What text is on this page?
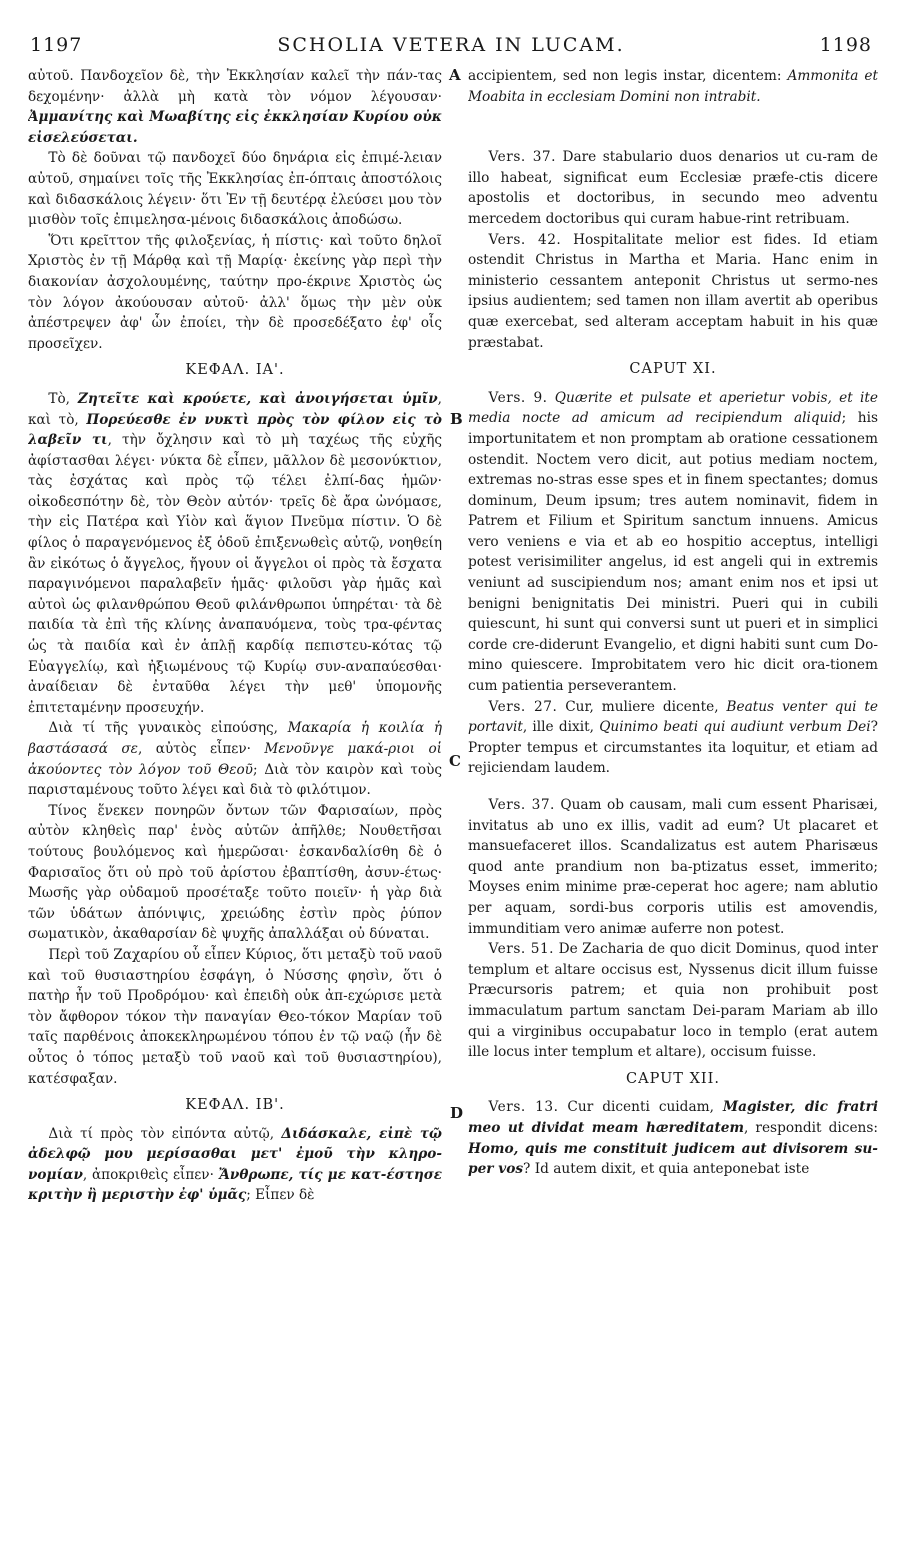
1197	SCHOLIA VETERA IN LUCAM.	1198
A
B
C
D

αὐτοῦ. Πανδοχεῖον δὲ, τὴν Ἐκκλησίαν καλεῖ τὴν πάν-τας δεχομένην· ἀλλὰ μὴ κατὰ τὸν νόμον λέγουσαν· Ἀμμανίτης καὶ Μωαβίτης εἰς ἐκκλησίαν Κυρίου οὐκ εἰσελεύσεται.

Τὸ δὲ δοῦναι τῷ πανδοχεῖ δύο δηνάρια εἰς ἐπιμέ-λειαν αὐτοῦ, σημαίνει τοῖς τῆς Ἐκκλησίας ἐπ-όπταις ἀποστόλοις καὶ διδασκάλοις λέγειν· ὅτι Ἐν τῇ δευτέρᾳ ἐλεύσει μου τὸν μισθὸν τοῖς ἐπιμελησα-μένοις διδασκάλοις ἀποδώσω.

Ὅτι κρεῖττον τῆς φιλοξενίας, ἡ πίστις· καὶ τοῦτο δηλοῖ Χριστὸς ἐν τῇ Μάρθᾳ καὶ τῇ Μαρίᾳ· ἐκείνης γὰρ περὶ τὴν διακονίαν ἀσχολουμένης, ταύτην προ-έκρινε Χριστὸς ὡς τὸν λόγον ἀκούουσαν αὐτοῦ· ἀλλ' ὅμως τὴν μὲν οὐκ ἀπέστρεψεν ἀφ' ὧν ἐποίει, τὴν δὲ προσεδέξατο ἐφ' οἷς προσεῖχεν.

ΚΕΦΑΛ. ΙΑ'.

Τὸ, Ζητεῖτε καὶ κρούετε, καὶ ἀνοιγήσεται ὑμῖν, καὶ τὸ, Πορεύεσθε ἐν νυκτὶ πρὸς τὸν φίλον εἰς τὸ λαβεῖν τι, τὴν ὄχλησιν καὶ τὸ μὴ ταχέως τῆς εὐχῆς ἀφίστασθαι λέγει· νύκτα δὲ εἶπεν, μᾶλλον δὲ μεσονύκτιον, τὰς ἐσχάτας καὶ πρὸς τῷ τέλει ἐλπί-δας ἡμῶν· οἰκοδεσπότην δὲ, τὸν Θεὸν αὐτόν· τρεῖς δὲ ἄρα ὠνόμασε, τὴν εἰς Πατέρα καὶ Υἱὸν καὶ ἅγιον Πνεῦμα πίστιν. Ὁ δὲ φίλος ὁ παραγενόμενος ἐξ ὁδοῦ ἐπιξενωθεὶς αὐτῷ, νοηθείη ἂν εἰκότως ὁ ἄγγελος, ἤγουν οἱ ἄγγελοι οἱ πρὸς τὰ ἔσχατα παραγινόμενοι παραλαβεῖν ἡμᾶς· φιλοῦσι γὰρ ἡμᾶς καὶ αὐτοὶ ὡς φιλανθρώπου Θεοῦ φιλάνθρωποι ὑπηρέται· τὰ δὲ παιδία τὰ ἐπὶ τῆς κλίνης ἀναπαυόμενα, τοὺς τρα-φέντας ὡς τὰ παιδία καὶ ἐν ἁπλῇ καρδίᾳ πεπιστευ-κότας τῷ Εὐαγγελίῳ, καὶ ἠξιωμένους τῷ Κυρίῳ συν-αναπαύεσθαι· ἀναίδειαν δὲ ἐνταῦθα λέγει τὴν μεθ' ὑπομονῆς ἐπιτεταμένην προσευχήν.

Διὰ τί τῆς γυναικὸς εἰπούσης, Μακαρία ἡ κοιλία ἡ βαστάσασά σε, αὐτὸς εἶπεν· Μενοῦνγε μακά-ριοι οἱ ἀκούοντες τὸν λόγον τοῦ Θεοῦ; Διὰ τὸν καιρὸν καὶ τοὺς παρισταμένους τοῦτο λέγει καὶ διὰ τὸ φιλότιμον.

Τίνος ἕνεκεν πονηρῶν ὄντων τῶν Φαρισαίων, πρὸς αὐτὸν κληθεὶς παρ' ἑνὸς αὐτῶν ἀπῆλθε; Νουθετῆσαι τούτους βουλόμενος καὶ ἡμερῶσαι· ἐσκανδαλίσθη δὲ ὁ Φαρισαῖος ὅτι οὐ πρὸ τοῦ ἀρίστου ἐβαπτίσθη, ἀσυν-έτως· Μωσῆς γὰρ οὐδαμοῦ προσέταξε τοῦτο ποιεῖν· ἡ γὰρ διὰ τῶν ὑδάτων ἀπόνιψις, χρειώδης ἐστὶν πρὸς ῥύπον σωματικὸν, ἀκαθαρσίαν δὲ ψυχῆς ἀπαλλάξαι οὐ δύναται.

Περὶ τοῦ Ζαχαρίου οὗ εἶπεν Κύριος, ὅτι μεταξὺ τοῦ ναοῦ καὶ τοῦ θυσιαστηρίου ἐσφάγη, ὁ Νύσσης φησὶν, ὅτι ὁ πατὴρ ἦν τοῦ Προδρόμου· καὶ ἐπειδὴ οὐκ ἀπ-εχώρισε μετὰ τὸν ἄφθορον τόκον τὴν παναγίαν Θεο-τόκον Μαρίαν τοῦ ταῖς παρθένοις ἀποκεκληρωμένου τόπου ἐν τῷ ναῷ (ἦν δὲ οὗτος ὁ τόπος μεταξὺ τοῦ ναοῦ καὶ τοῦ θυσιαστηρίου), κατέσφαξαν.

ΚΕΦΑΛ. ΙΒ'.

Διὰ τί πρὸς τὸν εἰπόντα αὐτῷ, Διδάσκαλε, εἰπὲ τῷ ἀδελφῷ μου μερίσασθαι μετ' ἐμοῦ τὴν κληρο-νομίαν, ἀποκριθεὶς εἶπεν· Ἄνθρωπε, τίς με κατ-έστησε κριτὴν ἢ μεριστὴν ἐφ' ὑμᾶς; Εἶπεν δὲ

accipientem, sed non legis instar, dicentem: Ammonita et Moabita in ecclesiam Domini non intrabit.

Vers. 37. Dare stabulario duos denarios ut cu-ram de illo habeat, significat eum Ecclesiæ præfe-ctis dicere apostolis et doctoribus, in secundo meo adventu mercedem doctoribus qui curam habue-rint retribuam.

Vers. 42. Hospitalitate melior est fides. Id etiam ostendit Christus in Martha et Maria. Hanc enim in ministerio cessantem anteponit Christus ut sermo-nes ipsius audientem; sed tamen non illam avertit ab operibus quæ exercebat, sed alteram acceptam habuit in his quæ præstabat.

CAPUT XI.

Vers. 9. Quærite et pulsate et aperietur vobis, et ite media nocte ad amicum ad recipiendum aliquid; his importunitatem et non promptam ab oratione cessationem ostendit. Noctem vero dicit, aut potius mediam noctem, extremas no-stras esse spes et in finem spectantes; domus dominum, Deum ipsum; tres autem nominavit, fidem in Patrem et Filium et Spiritum sanctum innuens. Amicus vero veniens e via et ab eo hospitio acceptus, intelligi potest verisimiliter angelus, id est angeli qui in extremis veniunt ad suscipiendum nos; amant enim nos et ipsi ut benigni benignitatis Dei ministri. Pueri qui in cubili quiescunt, hi sunt qui conversi sunt ut pueri et in simplici corde cre-diderunt Evangelio, et digni habiti sunt cum Do-mino quiescere. Improbitatem vero hic dicit ora-tionem cum patientia perseverantem.

Vers. 27. Cur, muliere dicente, Beatus venter qui te portavit, ille dixit, Quinimo beati qui audiunt verbum Dei? Propter tempus et circumstantes ita loquitur, et etiam ad rejiciendam laudem.

Vers. 37. Quam ob causam, mali cum essent Pharisæi, invitatus ab uno ex illis, vadit ad eum? Ut placaret et mansuefaceret illos. Scandalizatus est autem Pharisæus quod ante prandium non ba-ptizatus esset, immerito; Moyses enim minime præ-ceperat hoc agere; nam ablutio per aquam, sordi-bus corporis utilis est amovendis, immunditiam vero animæ auferre non potest.

Vers. 51. De Zacharia de quo dicit Dominus, quod inter templum et altare occisus est, Nyssenus dicit illum fuisse Præcursoris patrem; et quia non prohibuit post immaculatum partum sanctam Dei-param Mariam ab illo qui a virginibus occupabatur loco in templo (erat autem ille locus inter templum et altare), occisum fuisse.

CAPUT XII.

Vers. 13. Cur dicenti cuidam, Magister, dic fratri meo ut dividat meam hæreditatem, respondit dicens: Homo, quis me constituit judicem aut divisorem su-per vos? Id autem dixit, et quia anteponebat iste
